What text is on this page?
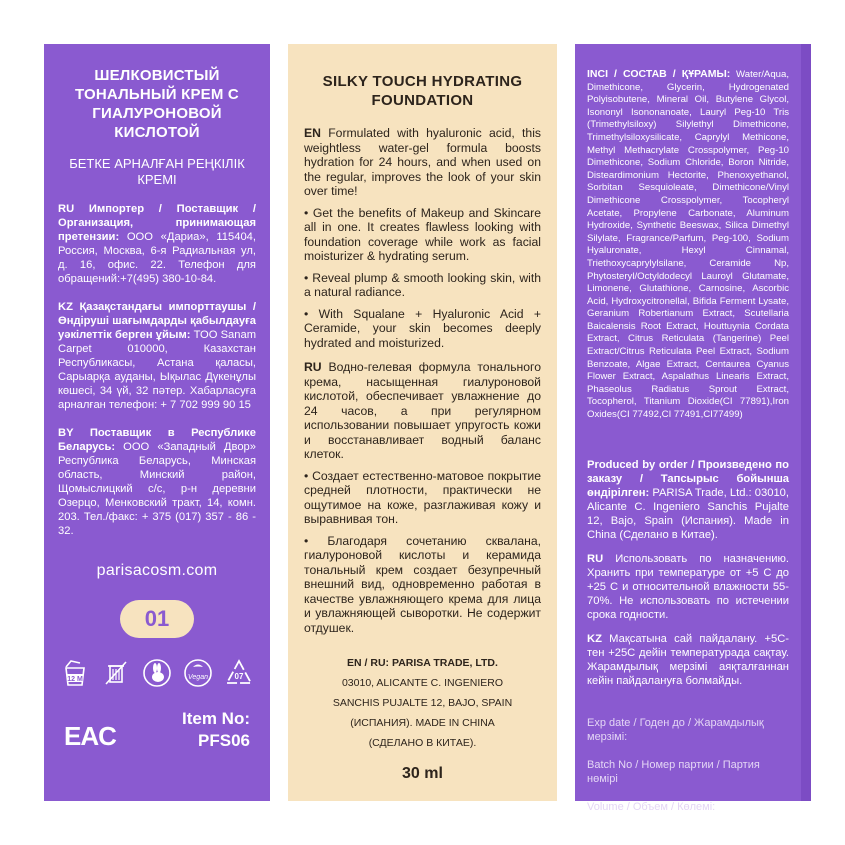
ШЕЛКОВИСТЫЙ ТОНАЛЬНЫЙ КРЕМ С ГИАЛУРОНОВОЙ КИСЛОТОЙ
БЕТКЕ АРНАЛҒАН РЕҢКІЛІК КРЕМІ
RU Импортер / Поставщик / Организация, принимающая претензии: ООО «Дариа», 115404, Россия, Москва, 6-я Радиальная ул, д. 16, офис. 22. Телефон для обращений:+7(495) 380-10-84.
KZ Қазақстандағы импорттаушы / Өндіруші шағымдарды қабылдауға уәкілеттік берген ұйым: ТОО Sanam Carpet 010000, Казахстан Республикасы, Астана қаласы, Сарыарқа ауданы, Ықылас Дүкенұлы көшесі, 34 үй, 32 пәтер. Хабарласуға арналған телефон: + 7 702 999 90 15
BY Поставщик в Республике Беларусь: ООО «Западный Двор» Республика Беларусь, Минская область, Минский район, Щомыслицкий с/с, р-н деревни Озерцо, Менковский тракт, 14, комн. 203. Тел./факс: + 375 (017) 357 - 86 - 32.
parisacosm.com
01
12 M	Vegan	07
EAC
Item No:
PFS06
SILKY TOUCH HYDRATING FOUNDATION
EN Formulated with hyaluronic acid, this weightless water-gel formula boosts hydration for 24 hours, and when used on the regular, improves the look of your skin over time!
• Get the benefits of Makeup and Skincare all in one. It creates flawless looking with foundation coverage while work as facial moisturizer & hydrating serum.
• Reveal plump & smooth looking skin, with a natural radiance.
• With Squalane + Hyaluronic Acid + Ceramide, your skin becomes deeply hydrated and moisturized.
RU Водно-гелевая формула тонального крема, насыщенная гиалуроновой кислотой, обеспечивает увлажнение до 24 часов, а при регулярном использовании повышает упругость кожи и восстанавливает водный баланс клеток.
• Создает естественно-матовое покрытие средней плотности, практически не ощутимое на коже, разглаживая кожу и выравнивая тон.
• Благодаря сочетанию сквалана, гиалуроновой кислоты и керамида тональный крем создает безупречный внешний вид, одновременно работая в качестве увлажняющего крема для лица и увлажняющей сыворотки. Не содержит отдушек.
EN / RU: PARISA TRADE, LTD.
03010, ALICANTE C. INGENIERO
SANCHIS PUJALTE 12, BAJO, SPAIN
(ИСПАНИЯ). MADE IN CHINA
(СДЕЛАНО В КИТАЕ).
30 ml
INCI / СОСТАВ / ҚҰРАМЫ: Water/Aqua, Dimethicone, Glycerin, Hydrogenated Polyisobutene, Mineral Oil, Butylene Glycol, Isononyl Isononanoate, Lauryl Peg-10 Tris (Trimethylsiloxy) Silylethyl Dimethicone, Trimethylsiloxysilicate, Caprylyl Methicone, Methyl Methacrylate Crosspolymer, Peg-10 Dimethicone, Sodium Chloride, Boron Nitride, Disteardimonium Hectorite, Phenoxyethanol, Sorbitan Sesquioleate, Dimethicone/Vinyl Dimethicone Crosspolymer, Tocopheryl Acetate, Propylene Carbonate, Aluminum Hydroxide, Synthetic Beeswax, Silica Dimethyl Silylate, Fragrance/Parfum, Peg-100, Sodium Hyaluronate, Hexyl Cinnamal, Triethoxycaprylylsilane, Ceramide Np, Phytosteryl/Octyldodecyl Lauroyl Glutamate, Limonene, Glutathione, Carnosine, Ascorbic Acid, Hydroxycitronellal, Bifida Ferment Lysate, Geranium Robertianum Extract, Scutellaria Baicalensis Root Extract, Houttuynia Cordata Extract, Citrus Reticulata (Tangerine) Peel Extract/Citrus Reticulata Peel Extract, Sodium Benzoate, Algae Extract, Centaurea Cyanus Flower Extract, Aspalathus Linearis Extract, Phaseolus Radiatus Sprout Extract, Tocopherol, Titanium Dioxide(CI 77891),Iron Oxides(CI 77492,CI 77491,CI77499)
Produced by order / Произведено по заказу / Тапсырыс бойынша өндірілген: PARISA Trade, Ltd.: 03010, Alicante C. Ingeniero Sanchis Pujalte 12, Bajo, Spain (Испания). Made in China (Сделано в Китае).
RU Использовать по назначению. Хранить при температуре от +5 С до +25 С и относительной влажности 55-70%. Не использовать по истечении срока годности.
KZ Мақсатына сай пайдалану. +5С-тен +25С дейін температурада сақтау. Жарамдылық мерзімі аяқталғаннан кейін пайдалануға болмайды.
Exp date / Годен до / Жарамдылық мерзімі:
Batch No / Номер партии / Партия нөмірі
Volume / Объем / Көлемі:
30 ml / 1,01 fl.oz.
